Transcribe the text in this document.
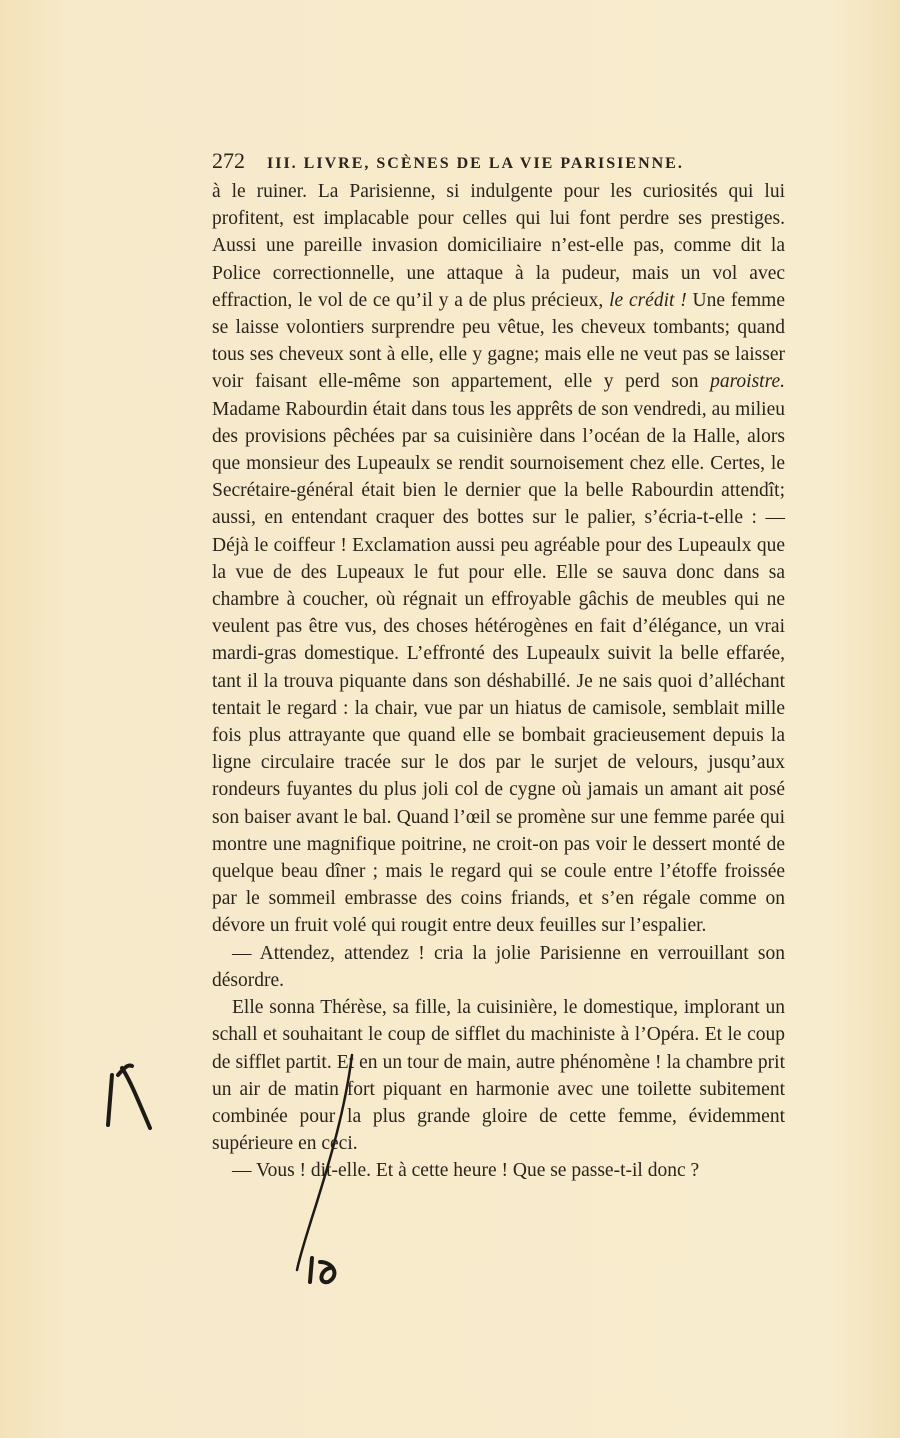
272 III. LIVRE, SCÈNES DE LA VIE PARISIENNE.

à le ruiner. La Parisienne, si indulgente pour les curiosités qui lui profitent, est implacable pour celles qui lui font perdre ses prestiges. Aussi une pareille invasion domiciliaire n’est-elle pas, comme dit la Police correctionnelle, une attaque à la pudeur, mais un vol avec effraction, le vol de ce qu’il y a de plus précieux, le crédit ! Une femme se laisse volontiers surprendre peu vêtue, les cheveux tombants; quand tous ses cheveux sont à elle, elle y gagne; mais elle ne veut pas se laisser voir faisant elle-même son appartement, elle y perd son paroistre. Madame Rabourdin était dans tous les apprêts de son vendredi, au milieu des provisions pêchées par sa cuisinière dans l’océan de la Halle, alors que monsieur des Lupeaulx se rendit sournoisement chez elle. Certes, le Secrétaire-général était bien le dernier que la belle Rabourdin attendît; aussi, en entendant craquer des bottes sur le palier, s’écria-t-elle : — Déjà le coiffeur ! Exclamation aussi peu agréable pour des Lupeaulx que la vue de des Lupeaux le fut pour elle. Elle se sauva donc dans sa chambre à coucher, où régnait un effroyable gâchis de meubles qui ne veulent pas être vus, des choses hétérogènes en fait d’élégance, un vrai mardi-gras domestique. L’effronté des Lupeaulx suivit la belle effarée, tant il la trouva piquante dans son déshabillé. Je ne sais quoi d’alléchant tentait le regard : la chair, vue par un hiatus de camisole, semblait mille fois plus attrayante que quand elle se bombait gracieusement depuis la ligne circulaire tracée sur le dos par le surjet de velours, jusqu’aux rondeurs fuyantes du plus joli col de cygne où jamais un amant ait posé son baiser avant le bal. Quand l’œil se promène sur une femme parée qui montre une magnifique poitrine, ne croit-on pas voir le dessert monté de quelque beau dîner ; mais le regard qui se coule entre l’étoffe froissée par le sommeil embrasse des coins friands, et s’en régale comme on dévore un fruit volé qui rougit entre deux feuilles sur l’espalier.

— Attendez, attendez ! cria la jolie Parisienne en verrouillant son désordre.

Elle sonna Thérèse, sa fille, la cuisinière, le domestique, implorant un schall et souhaitant le coup de sifflet du machiniste à l’Opéra. Et le coup de sifflet partit. Et en un tour de main, autre phénomène ! la chambre prit un air de matin fort piquant en harmonie avec une toilette subitement combinée pour la plus grande gloire de cette femme, évidemment supérieure en ceci.

— Vous ! dit-elle. Et à cette heure ! Que se passe-t-il donc ?
